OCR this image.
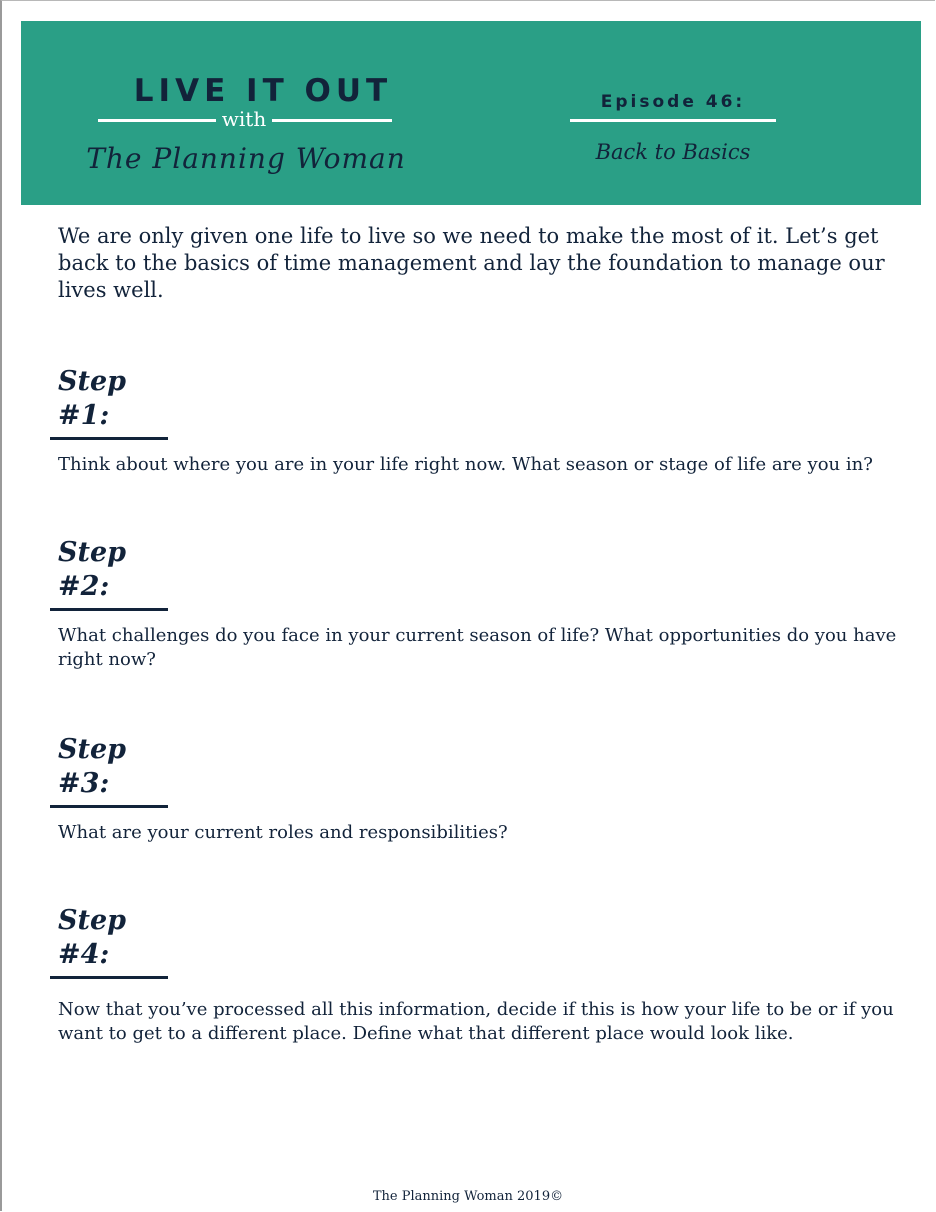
LIVE IT OUT
with
The Planning Woman
Episode 46:
Back to Basics

We are only given one life to live so we need to make the most of it. Let’s get back to the basics of time management and lay the foundation to manage our lives well.

Step #1:

Think about where you are in your life right now. What season or stage of life are you in?

Step #2:

What challenges do you face in your current season of life? What opportunities do you have right now?

Step #3:

What are your current roles and responsibilities?

Step #4:

Now that you’ve processed all this information, decide if this is how your life to be or if you want to get to a different place. Define what that different place would look like.

The Planning Woman 2019©
